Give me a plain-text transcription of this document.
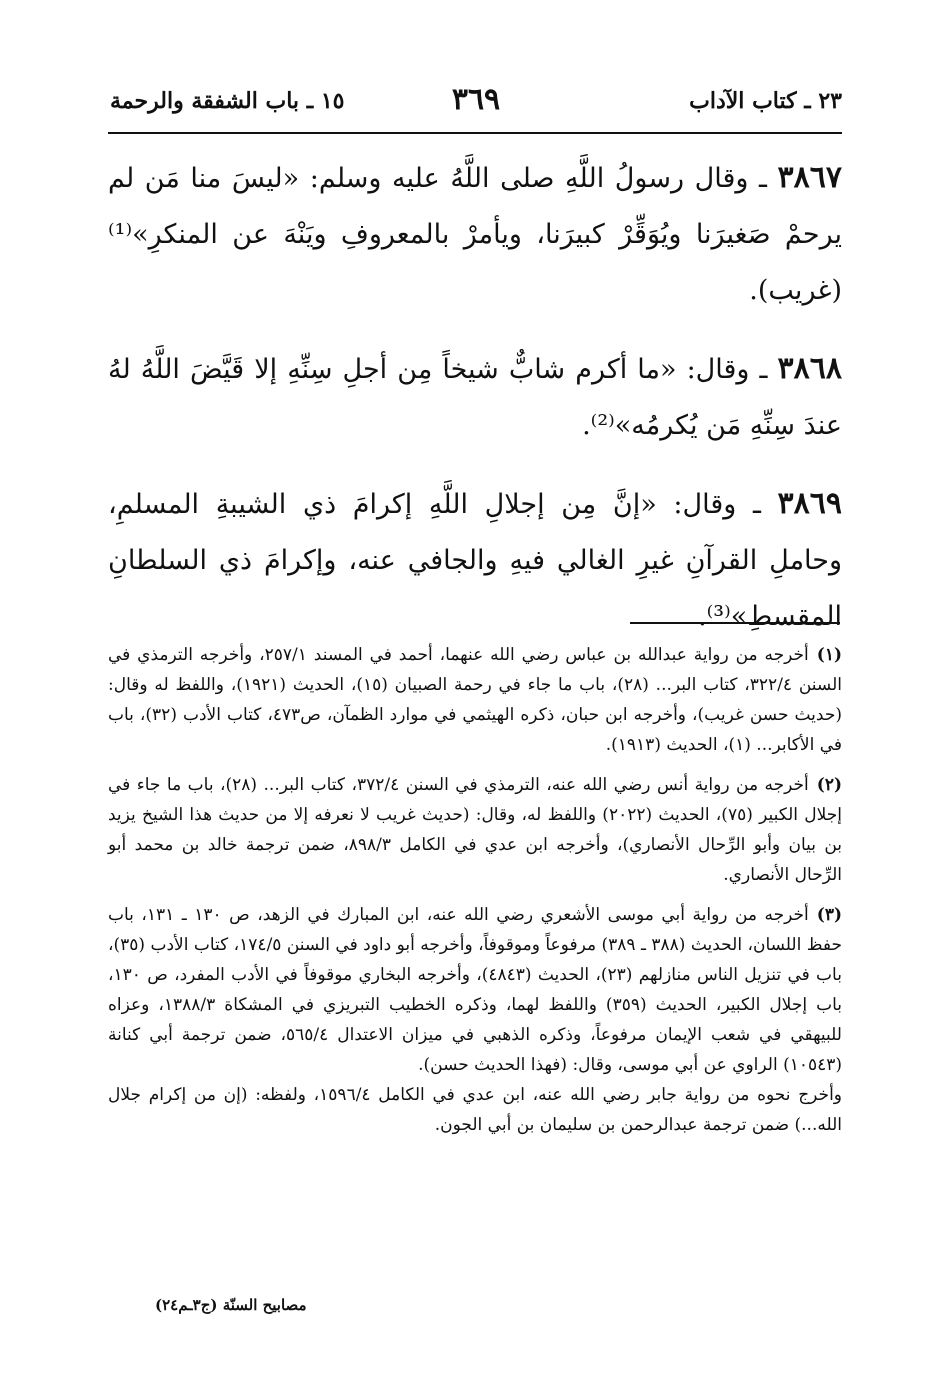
٢٣ ـ كتاب الآداب
٣٦٩
١٥ ـ باب الشفقة والرحمة

٣٨٦٧ ـ وقال رسولُ اللَّهِ صلى اللَّهُ عليه وسلم: «ليسَ منا مَن لم يرحمْ صَغيرَنا ويُوَقِّرْ كبيرَنا، ويأمرْ بالمعروفِ ويَنْهَ عن المنكرِ»⁽¹⁾ (غريب).

٣٨٦٨ ـ وقال: «ما أكرم شابٌّ شيخاً مِن أجلِ سِنِّهِ إلا قَيَّضَ اللَّهُ لهُ عندَ سِنِّهِ مَن يُكرمُه»⁽²⁾.

٣٨٦٩ ـ وقال: «إنَّ مِن إجلالِ اللَّهِ إكرامَ ذي الشيبةِ المسلمِ، وحاملِ القرآنِ غيرِ الغالي فيهِ والجافي عنه، وإكرامَ ذي السلطانِ المقسطِ»⁽³⁾.

(١)أخرجه من رواية عبدالله بن عباس رضي الله عنهما، أحمد في المسند ٢٥٧/١، وأخرجه الترمذي في السنن ٣٢٢/٤، كتاب البر... (٢٨)، باب ما جاء في رحمة الصبيان (١٥)، الحديث (١٩٢١)، واللفظ له وقال: (حديث حسن غريب)، وأخرجه ابن حبان، ذكره الهيثمي في موارد الظمآن، ص٤٧٣، كتاب الأدب (٣٢)، باب في الأكابر... (١)، الحديث (١٩١٣).

(٢)أخرجه من رواية أنس رضي الله عنه، الترمذي في السنن ٣٧٢/٤، كتاب البر... (٢٨)، باب ما جاء في إجلال الكبير (٧٥)، الحديث (٢٠٢٢) واللفظ له، وقال: (حديث غريب لا نعرفه إلا من حديث هذا الشيخ يزيد بن بيان وأبو الرِّحال الأنصاري)، وأخرجه ابن عدي في الكامل ٨٩٨/٣، ضمن ترجمة خالد بن محمد أبو الرِّحال الأنصاري.

(٣)أخرجه من رواية أبي موسى الأشعري رضي الله عنه، ابن المبارك في الزهد، ص ١٣٠ ـ ١٣١، باب حفظ اللسان، الحديث (٣٨٨ ـ ٣٨٩) مرفوعاً وموقوفاً، وأخرجه أبو داود في السنن ١٧٤/٥، كتاب الأدب (٣٥)، باب في تنزيل الناس منازلهم (٢٣)، الحديث (٤٨٤٣)، وأخرجه البخاري موقوفاً في الأدب المفرد، ص ١٣٠، باب إجلال الكبير، الحديث (٣٥٩) واللفظ لهما، وذكره الخطيب التبريزي في المشكاة ١٣٨٨/٣، وعزاه للبيهقي في شعب الإيمان مرفوعاً، وذكره الذهبي في ميزان الاعتدال ٥٦٥/٤، ضمن ترجمة أبي كنانة (١٠٥٤٣) الراوي عن أبي موسى، وقال: (فهذا الحديث حسن).

وأخرج نحوه من رواية جابر رضي الله عنه، ابن عدي في الكامل ١٥٩٦/٤، ولفظه: (إن من إكرام جلال الله...) ضمن ترجمة عبدالرحمن بن سليمان بن أبي الجون.

مصابيح السنّة (ج٣ـم٢٤)
